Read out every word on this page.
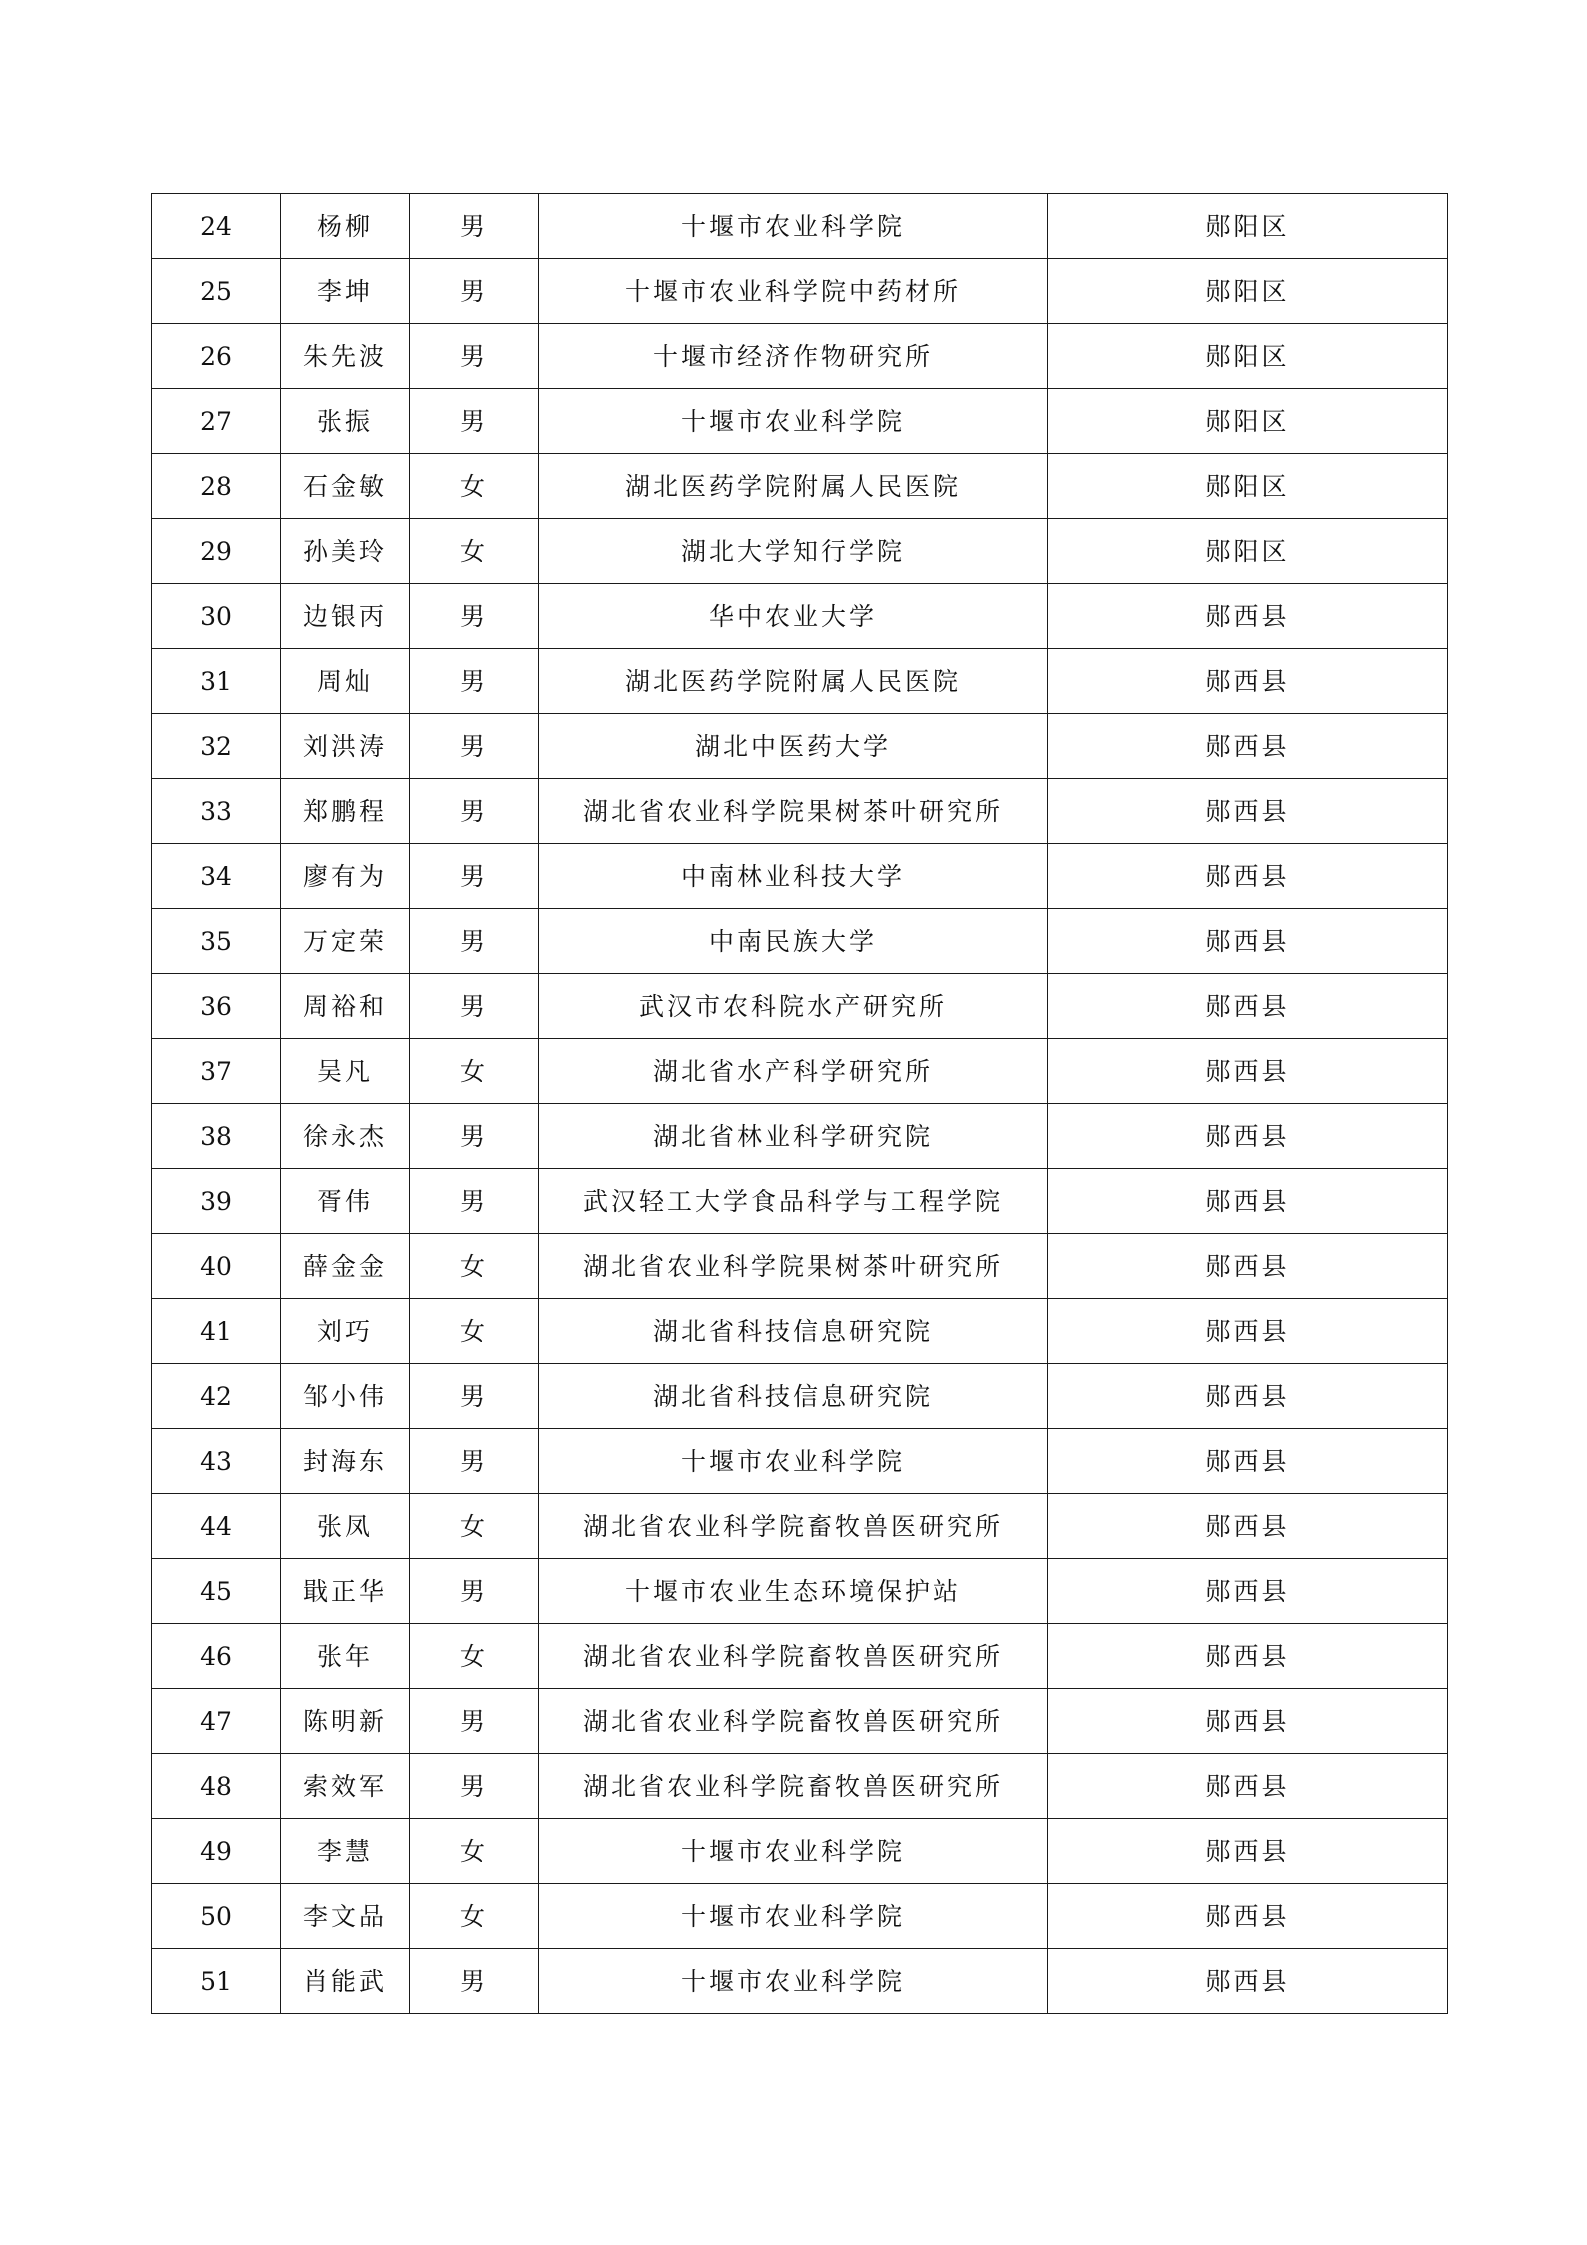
24	杨柳	男	十堰市农业科学院	郧阳区
25	李坤	男	十堰市农业科学院中药材所	郧阳区
26	朱先波	男	十堰市经济作物研究所	郧阳区
27	张振	男	十堰市农业科学院	郧阳区
28	石金敏	女	湖北医药学院附属人民医院	郧阳区
29	孙美玲	女	湖北大学知行学院	郧阳区
30	边银丙	男	华中农业大学	郧西县
31	周灿	男	湖北医药学院附属人民医院	郧西县
32	刘洪涛	男	湖北中医药大学	郧西县
33	郑鹏程	男	湖北省农业科学院果树茶叶研究所	郧西县
34	廖有为	男	中南林业科技大学	郧西县
35	万定荣	男	中南民族大学	郧西县
36	周裕和	男	武汉市农科院水产研究所	郧西县
37	吴凡	女	湖北省水产科学研究所	郧西县
38	徐永杰	男	湖北省林业科学研究院	郧西县
39	胥伟	男	武汉轻工大学食品科学与工程学院	郧西县
40	薛金金	女	湖北省农业科学院果树茶叶研究所	郧西县
41	刘巧	女	湖北省科技信息研究院	郧西县
42	邹小伟	男	湖北省科技信息研究院	郧西县
43	封海东	男	十堰市农业科学院	郧西县
44	张凤	女	湖北省农业科学院畜牧兽医研究所	郧西县
45	戢正华	男	十堰市农业生态环境保护站	郧西县
46	张年	女	湖北省农业科学院畜牧兽医研究所	郧西县
47	陈明新	男	湖北省农业科学院畜牧兽医研究所	郧西县
48	索效军	男	湖北省农业科学院畜牧兽医研究所	郧西县
49	李慧	女	十堰市农业科学院	郧西县
50	李文品	女	十堰市农业科学院	郧西县
51	肖能武	男	十堰市农业科学院	郧西县
